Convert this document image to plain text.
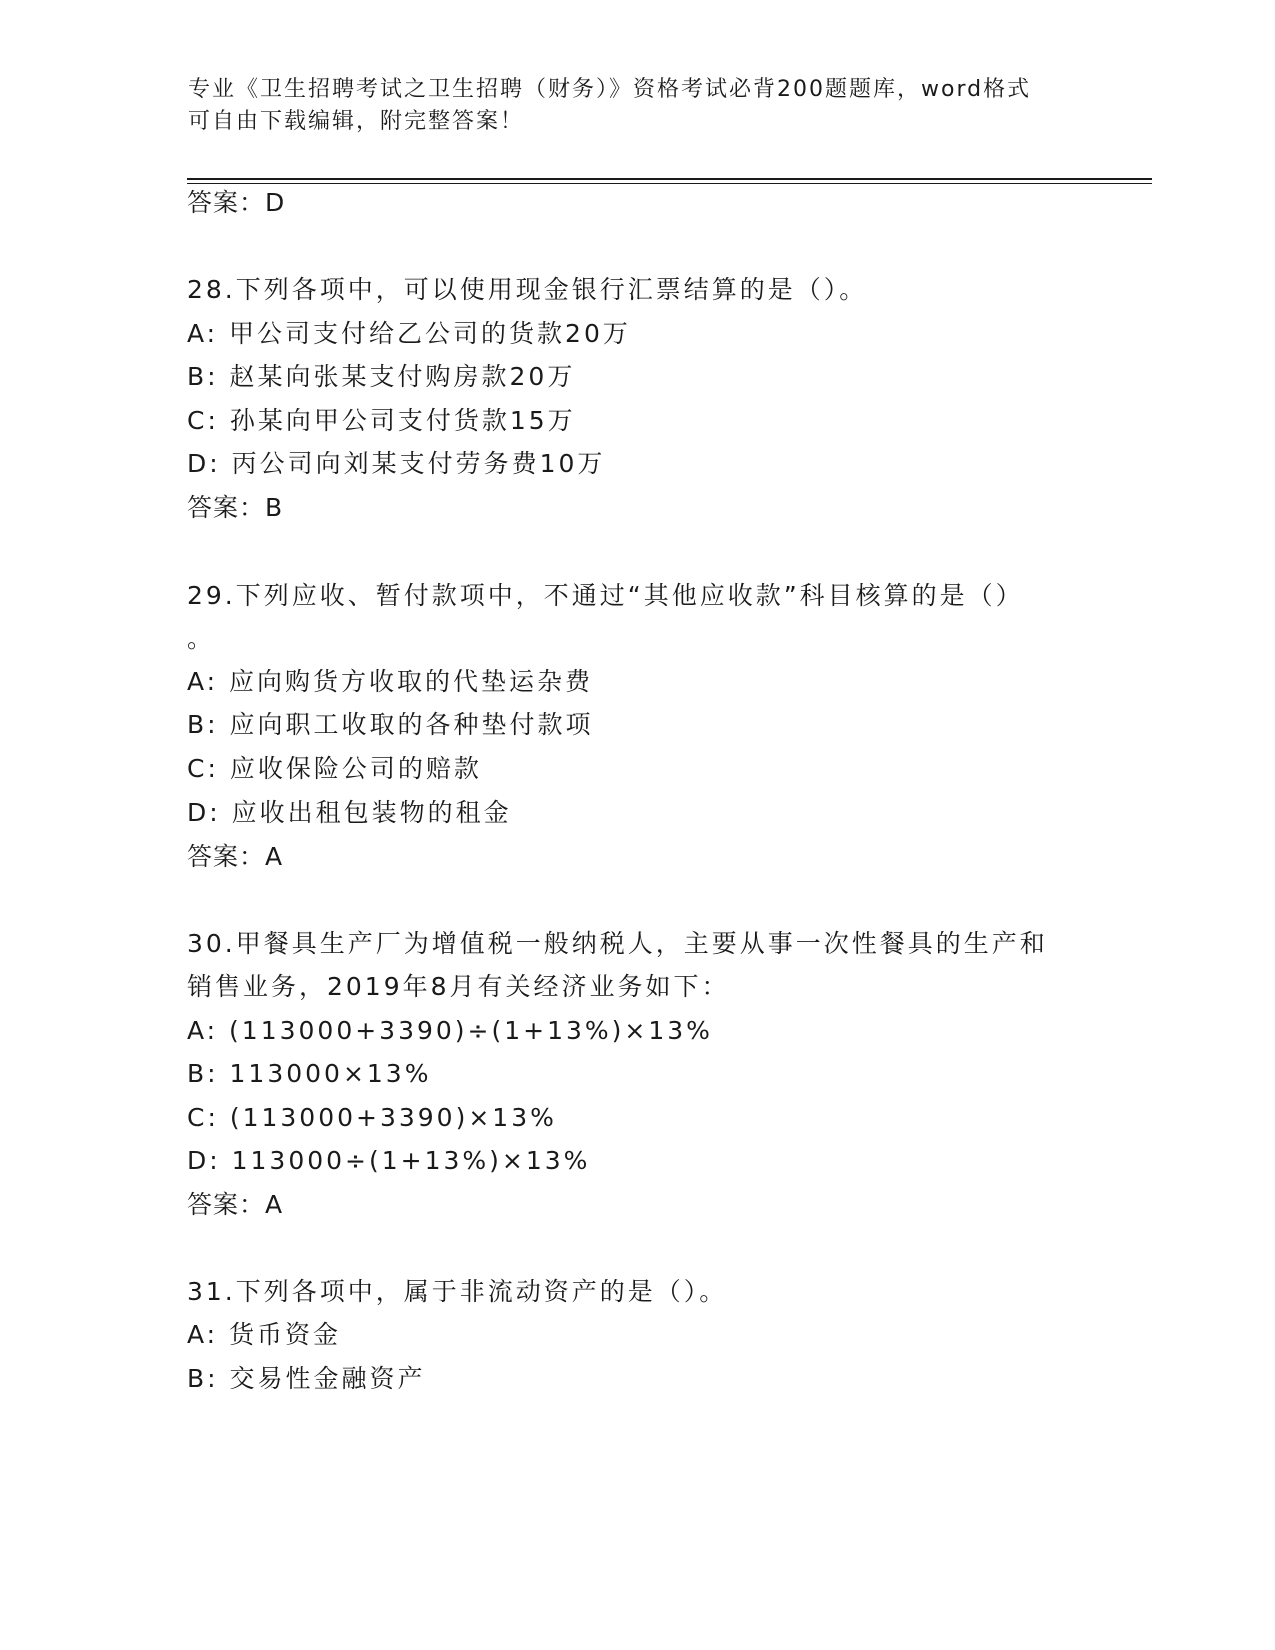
专业《卫生招聘考试之卫生招聘（财务）》资格考试必背200题题库，word格式
可自由下载编辑，附完整答案！
答案：D
28.下列各项中，可以使用现金银行汇票结算的是（）。
A: 甲公司支付给乙公司的货款20万
B: 赵某向张某支付购房款20万
C: 孙某向甲公司支付货款15万
D: 丙公司向刘某支付劳务费10万
答案：B
29.下列应收、暂付款项中，不通过“其他应收款”科目核算的是（）
。
A: 应向购货方收取的代垫运杂费
B: 应向职工收取的各种垫付款项
C: 应收保险公司的赔款
D: 应收出租包装物的租金
答案：A
30.甲餐具生产厂为增值税一般纳税人，主要从事一次性餐具的生产和
销售业务，2019年8月有关经济业务如下：
A: (113000+3390)÷(1+13%)×13%
B: 113000×13%
C: (113000+3390)×13%
D: 113000÷(1+13%)×13%
答案：A
31.下列各项中，属于非流动资产的是（）。
A: 货币资金
B: 交易性金融资产
